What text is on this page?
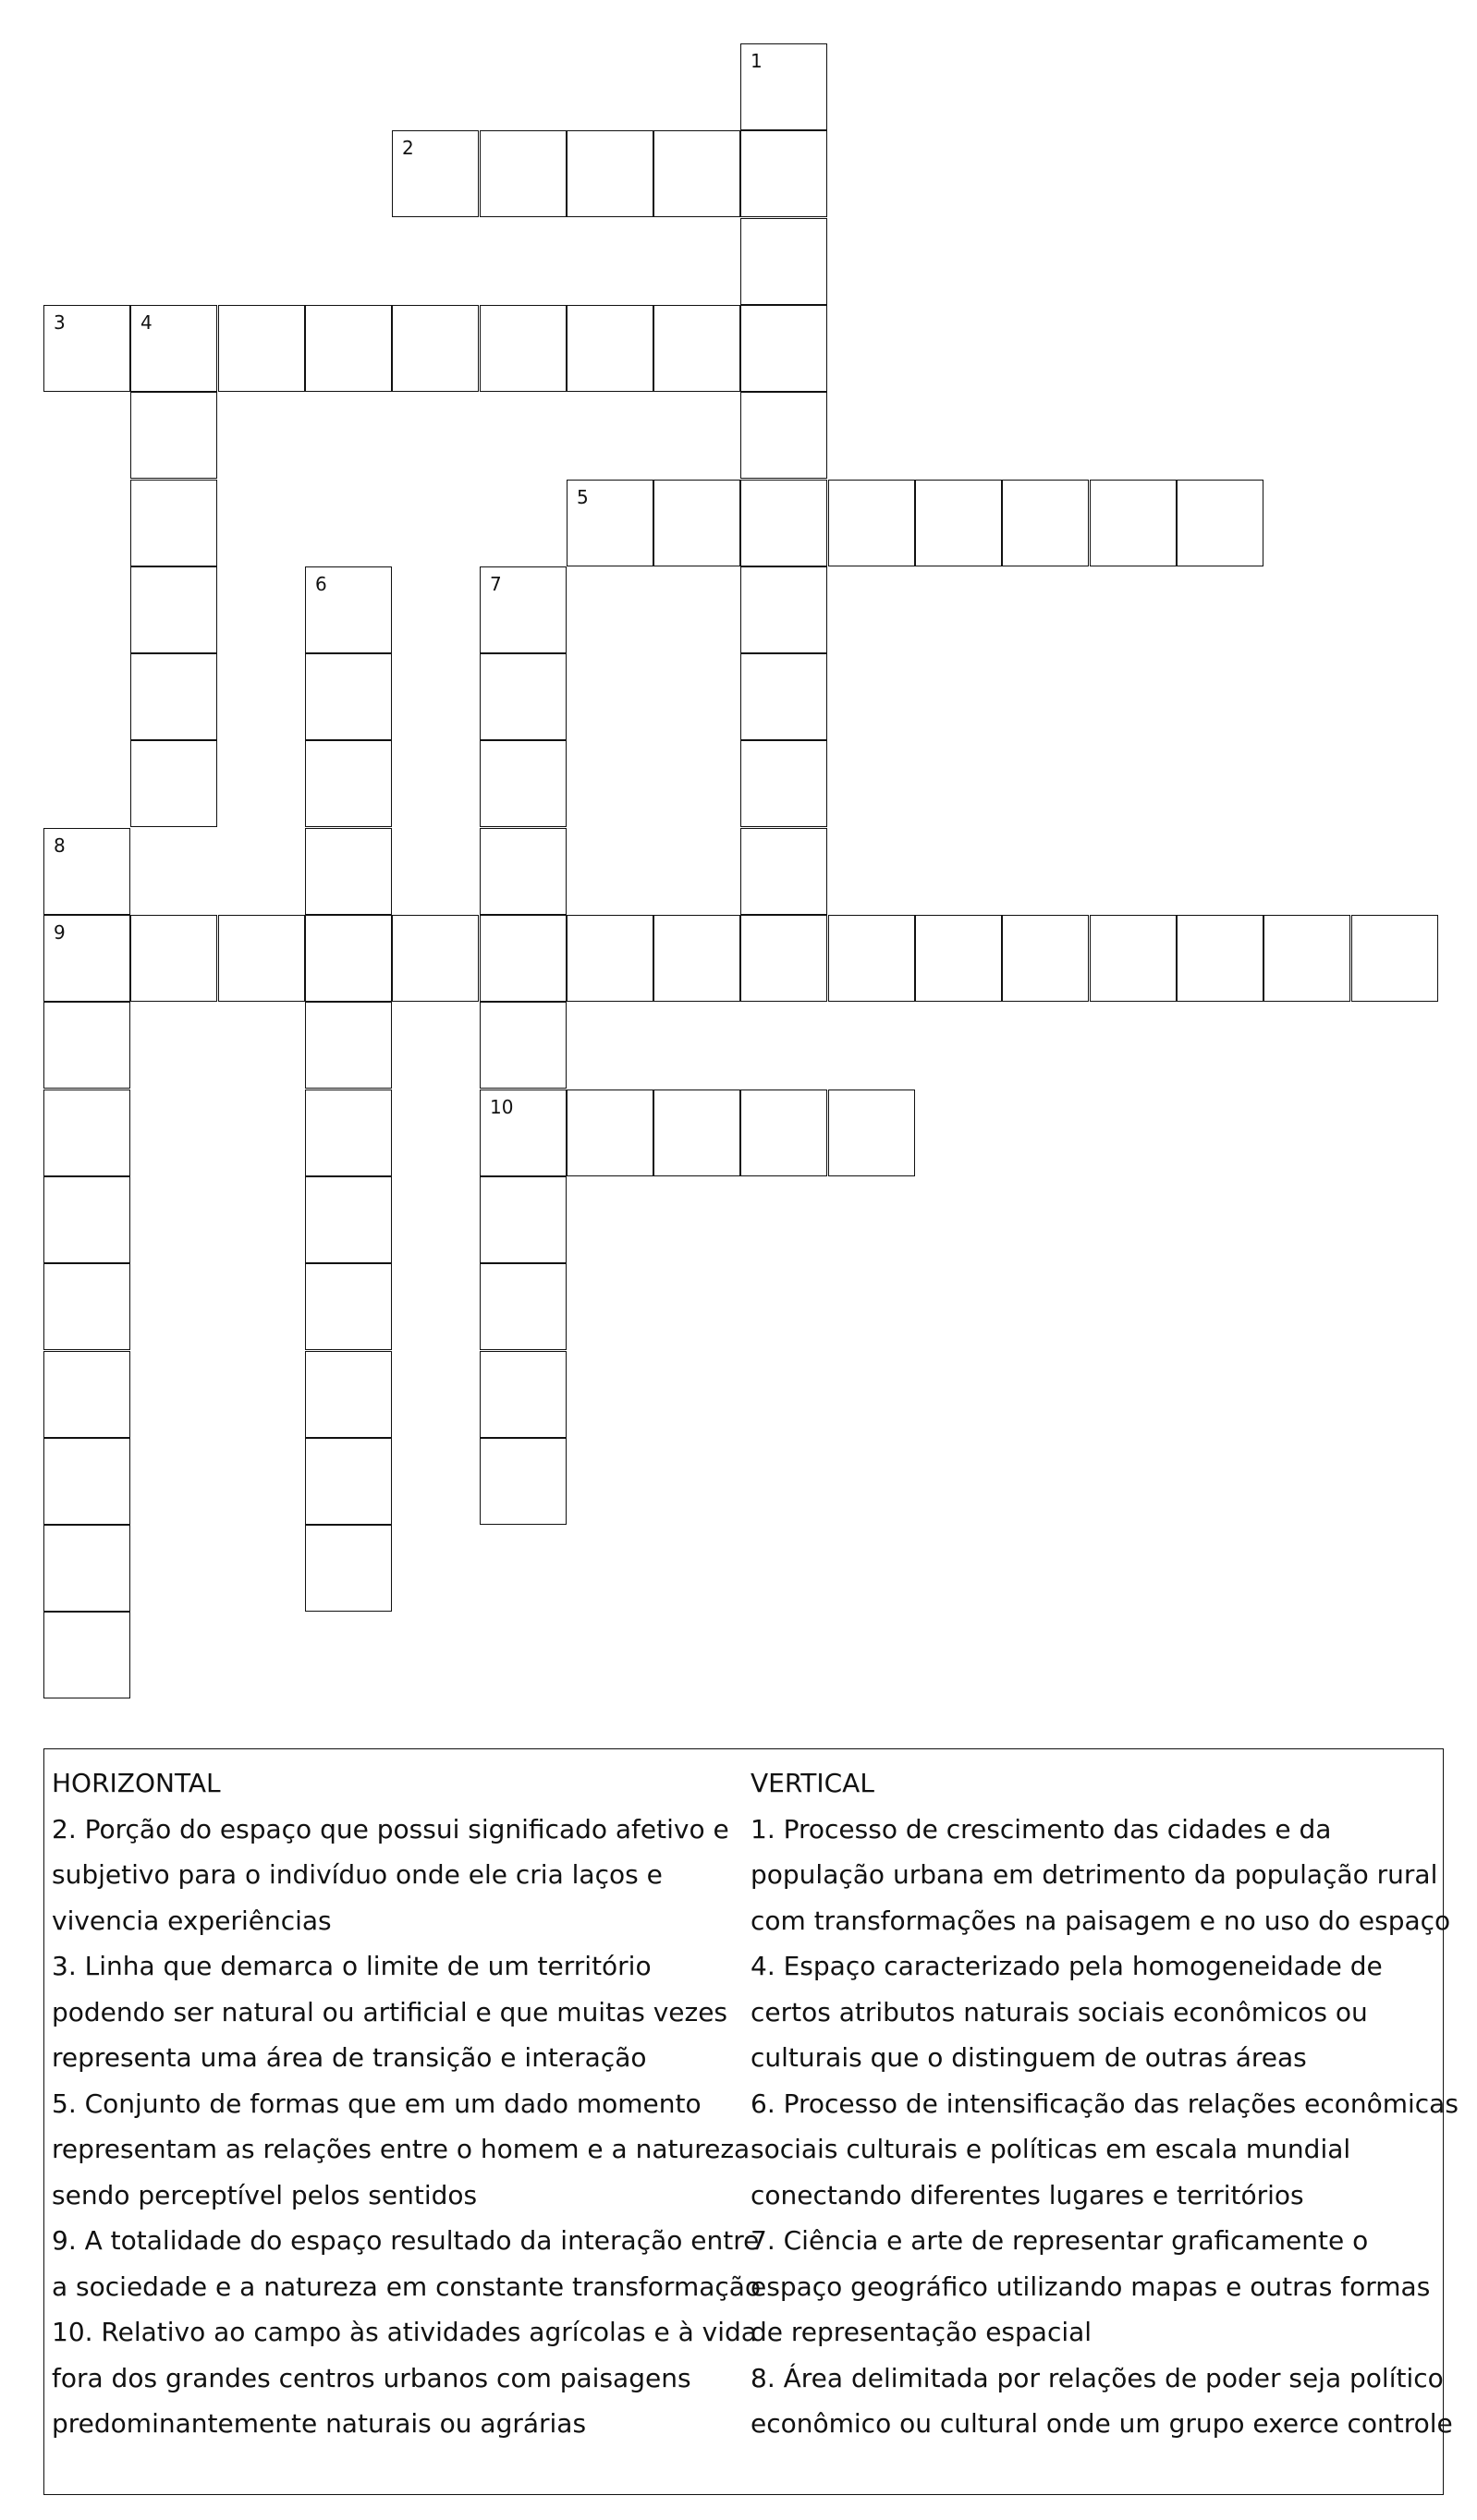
1
2
3	4
5
6	7
10
8
9
HORIZONTAL
2. Porção do espaço que possui significado afetivo e
subjetivo para o indivíduo onde ele cria laços e
vivencia experiências
3. Linha que demarca o limite de um território
podendo ser natural ou artificial e que muitas vezes
representa uma área de transição e interação
5. Conjunto de formas que em um dado momento
representam as relações entre o homem e a natureza
sendo perceptível pelos sentidos
9. A totalidade do espaço resultado da interação entre
a sociedade e a natureza em constante transformação
10. Relativo ao campo às atividades agrícolas e à vida
fora dos grandes centros urbanos com paisagens
predominantemente naturais ou agrárias
VERTICAL
1. Processo de crescimento das cidades e da
população urbana em detrimento da população rural
com transformações na paisagem e no uso do espaço
4. Espaço caracterizado pela homogeneidade de
certos atributos naturais sociais econômicos ou
culturais que o distinguem de outras áreas
6. Processo de intensificação das relações econômicas
sociais culturais e políticas em escala mundial
conectando diferentes lugares e territórios
7. Ciência e arte de representar graficamente o
espaço geográfico utilizando mapas e outras formas
de representação espacial
8. Área delimitada por relações de poder seja político
econômico ou cultural onde um grupo exerce controle
